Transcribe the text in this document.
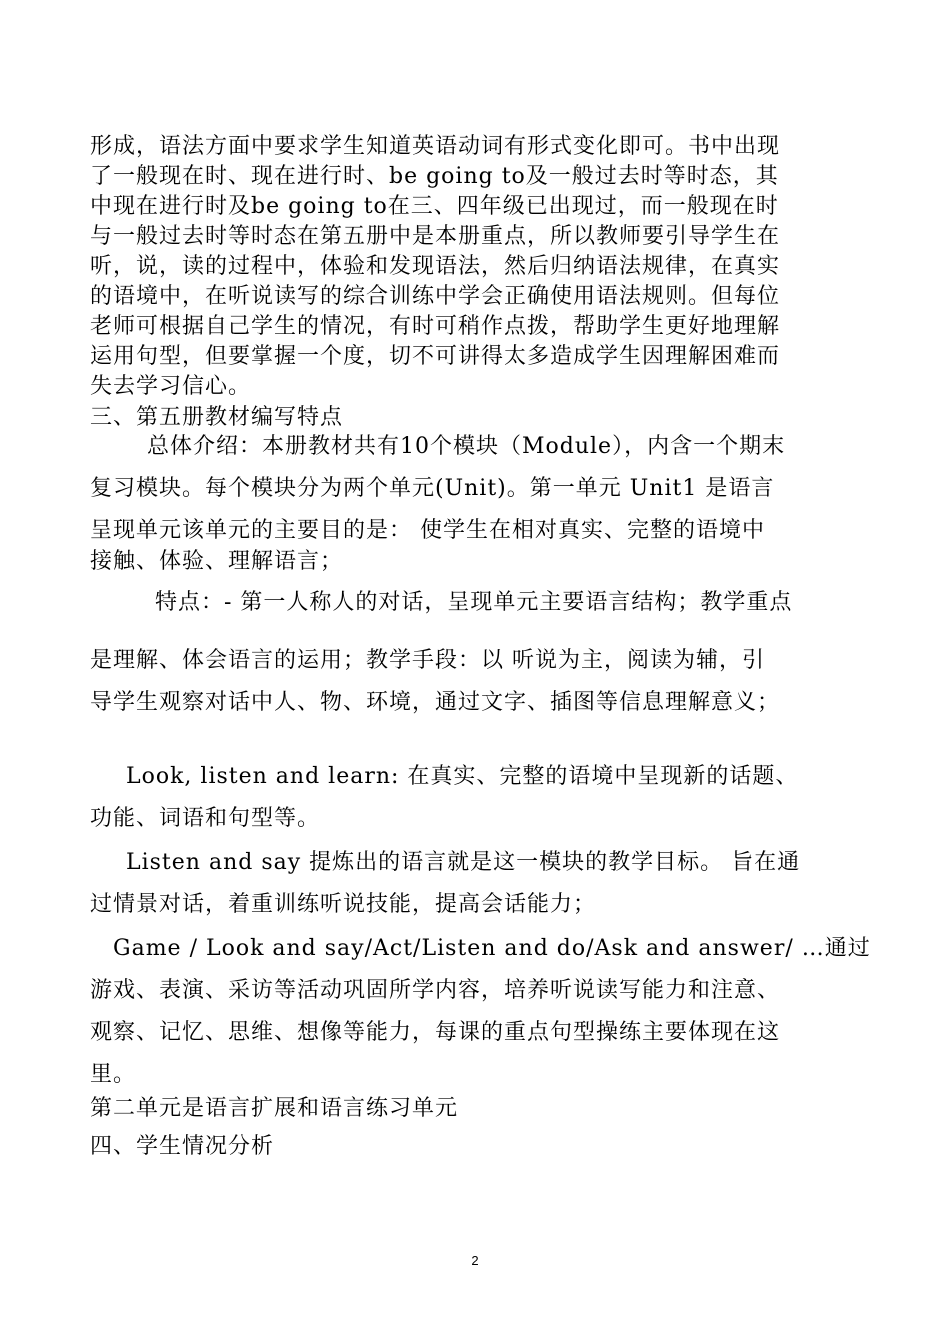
形成，语法方面中要求学生知道英语动词有形式变化即可。书中出现
了一般现在时、现在进行时、be going to及一般过去时等时态，其
中现在进行时及be going to在三、四年级已出现过，而一般现在时
与一般过去时等时态在第五册中是本册重点，所以教师要引导学生在
听，说，读的过程中，体验和发现语法，然后归纳语法规律，在真实
的语境中，在听说读写的综合训练中学会正确使用语法规则。但每位
老师可根据自己学生的情况，有时可稍作点拨，帮助学生更好地理解
运用句型，但要掌握一个度，切不可讲得太多造成学生因理解困难而
失去学习信心。
三、第五册教材编写特点
总体介绍：本册教材共有10个模块（Module），内含一个期末
复习模块。每个模块分为两个单元(Unit)。第一单元 Unit1 是语言
呈现单元该单元的主要目的是： 使学生在相对真实、完整的语境中
接触、体验、理解语言；
特点：- 第一人称人的对话，呈现单元主要语言结构；教学重点
是理解、体会语言的运用；教学手段：以 听说为主，阅读为辅，引
导学生观察对话中人、物、环境，通过文字、插图等信息理解意义；
Look, listen and learn: 在真实、完整的语境中呈现新的话题、
功能、词语和句型等。
Listen and say 提炼出的语言就是这一模块的教学目标。 旨在通
过情景对话，着重训练听说技能，提高会话能力；
Game / Look and say/Act/Listen and do/Ask and answer/ …通过
游戏、表演、采访等活动巩固所学内容，培养听说读写能力和注意、
观察、记忆、思维、想像等能力，每课的重点句型操练主要体现在这
里。
第二单元是语言扩展和语言练习单元
四、学生情况分析
2
